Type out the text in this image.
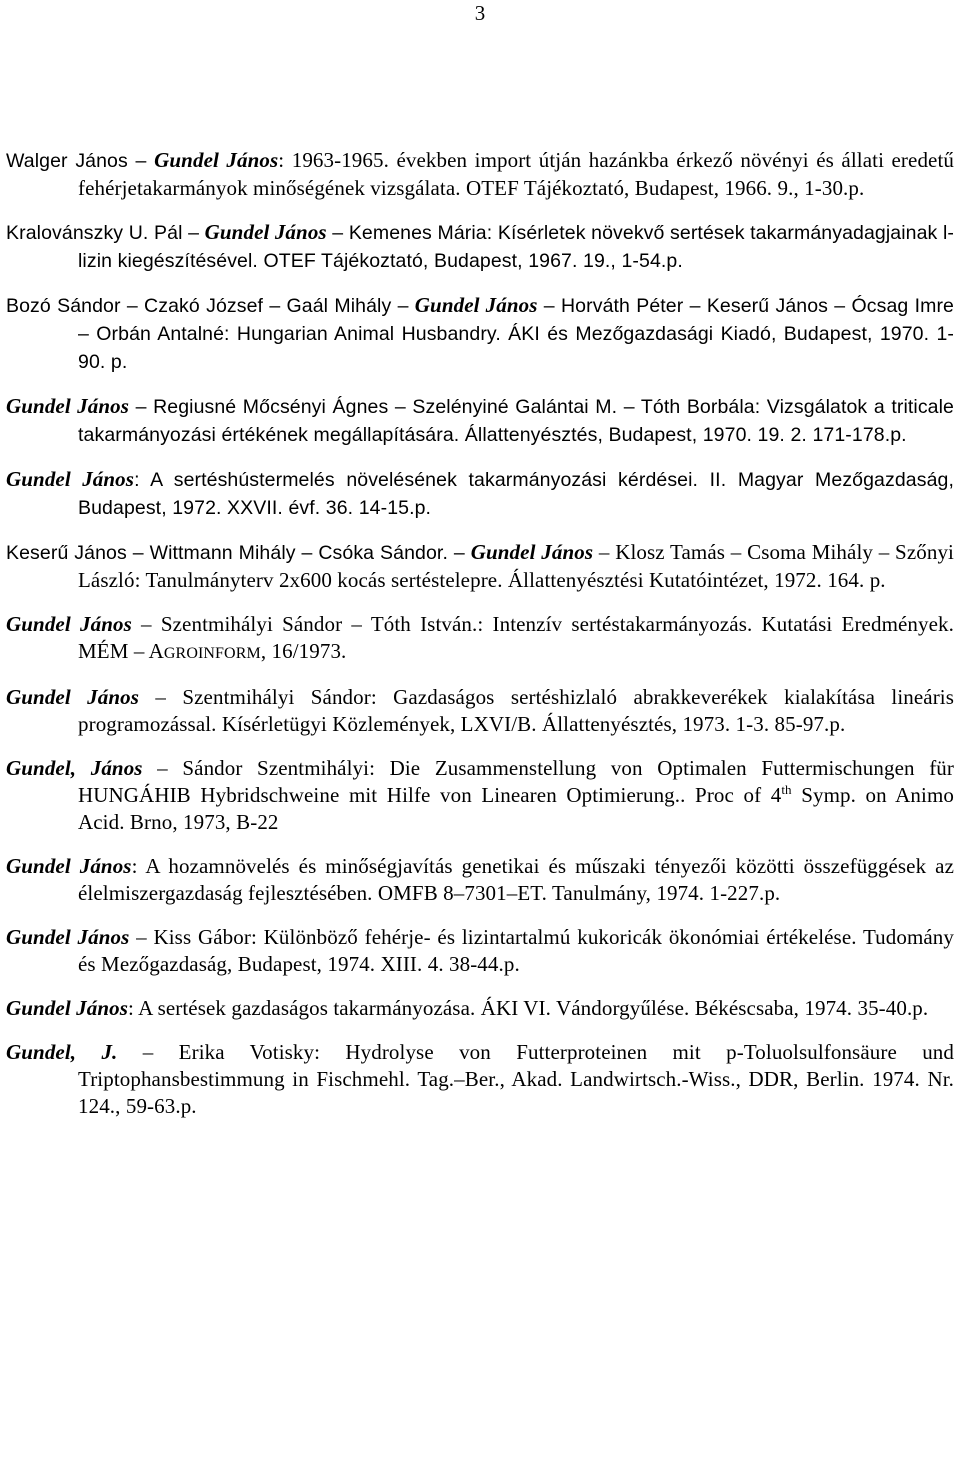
3

Walger János – Gundel János: 1963-1965. években import útján hazánkba érkező növényi és állati eredetű fehérjetakarmányok minőségének vizsgálata. OTEF Tájékoztató, Budapest, 1966. 9., 1-30.p.

Kralovánszky U. Pál – Gundel János – Kemenes Mária: Kísérletek növekvő sertések takarmányadagjainak l-lizin kiegészítésével. OTEF Tájékoztató, Budapest, 1967. 19., 1-54.p.

Bozó Sándor – Czakó József – Gaál Mihály – Gundel János – Horváth Péter – Keserű János – Ócsag Imre – Orbán Antalné: Hungarian Animal Husbandry. ÁKI és Mezőgazdasági Kiadó, Budapest, 1970. 1-90. p.

Gundel János – Regiusné Mőcsényi Ágnes – Szelényiné Galántai M. – Tóth Borbála: Vizsgálatok a triticale takarmányozási értékének megállapítására. Állattenyésztés, Budapest, 1970. 19. 2. 171-178.p.

Gundel János: A sertéshústermelés növelésének takarmányozási kérdései. II. Magyar Mezőgazdaság, Budapest, 1972. XXVII. évf. 36. 14-15.p.

Keserű János – Wittmann Mihály – Csóka Sándor. – Gundel János – Klosz Tamás – Csoma Mihály – Szőnyi László: Tanulmányterv 2x600 kocás sertéstelepre. Állattenyésztési Kutatóintézet, 1972. 164. p.

Gundel János – Szentmihályi Sándor – Tóth István.: Intenzív sertéstakarmányozás. Kutatási Eredmények. MÉM – AGROINFORM, 16/1973.

Gundel János – Szentmihályi Sándor: Gazdaságos sertéshizlaló abrakkeverékek kialakítása lineáris programozással. Kísérletügyi Közlemények, LXVI/B. Állattenyésztés, 1973. 1-3. 85-97.p.

Gundel, János – Sándor Szentmihályi: Die Zusammenstellung von Optimalen Futtermischungen für HUNGÁHIB Hybridschweine mit Hilfe von Linearen Optimierung.. Proc of 4th Symp. on Animo Acid. Brno, 1973, B-22

Gundel János: A hozamnövelés és minőségjavítás genetikai és műszaki tényezői közötti összefüggések az élelmiszergazdaság fejlesztésében. OMFB 8–7301–ET. Tanulmány, 1974. 1-227.p.

Gundel János – Kiss Gábor: Különböző fehérje- és lizintartalmú kukoricák ökonómiai értékelése. Tudomány és Mezőgazdaság, Budapest, 1974. XIII. 4. 38-44.p.

Gundel János: A sertések gazdaságos takarmányozása. ÁKI VI. Vándorgyűlése. Békéscsaba, 1974. 35-40.p.

Gundel, J. – Erika Votisky: Hydrolyse von Futterproteinen mit p-Toluolsulfonsäure und Triptophansbestimmung in Fischmehl. Tag.–Ber., Akad. Landwirtsch.-Wiss., DDR, Berlin. 1974. Nr. 124., 59-63.p.
